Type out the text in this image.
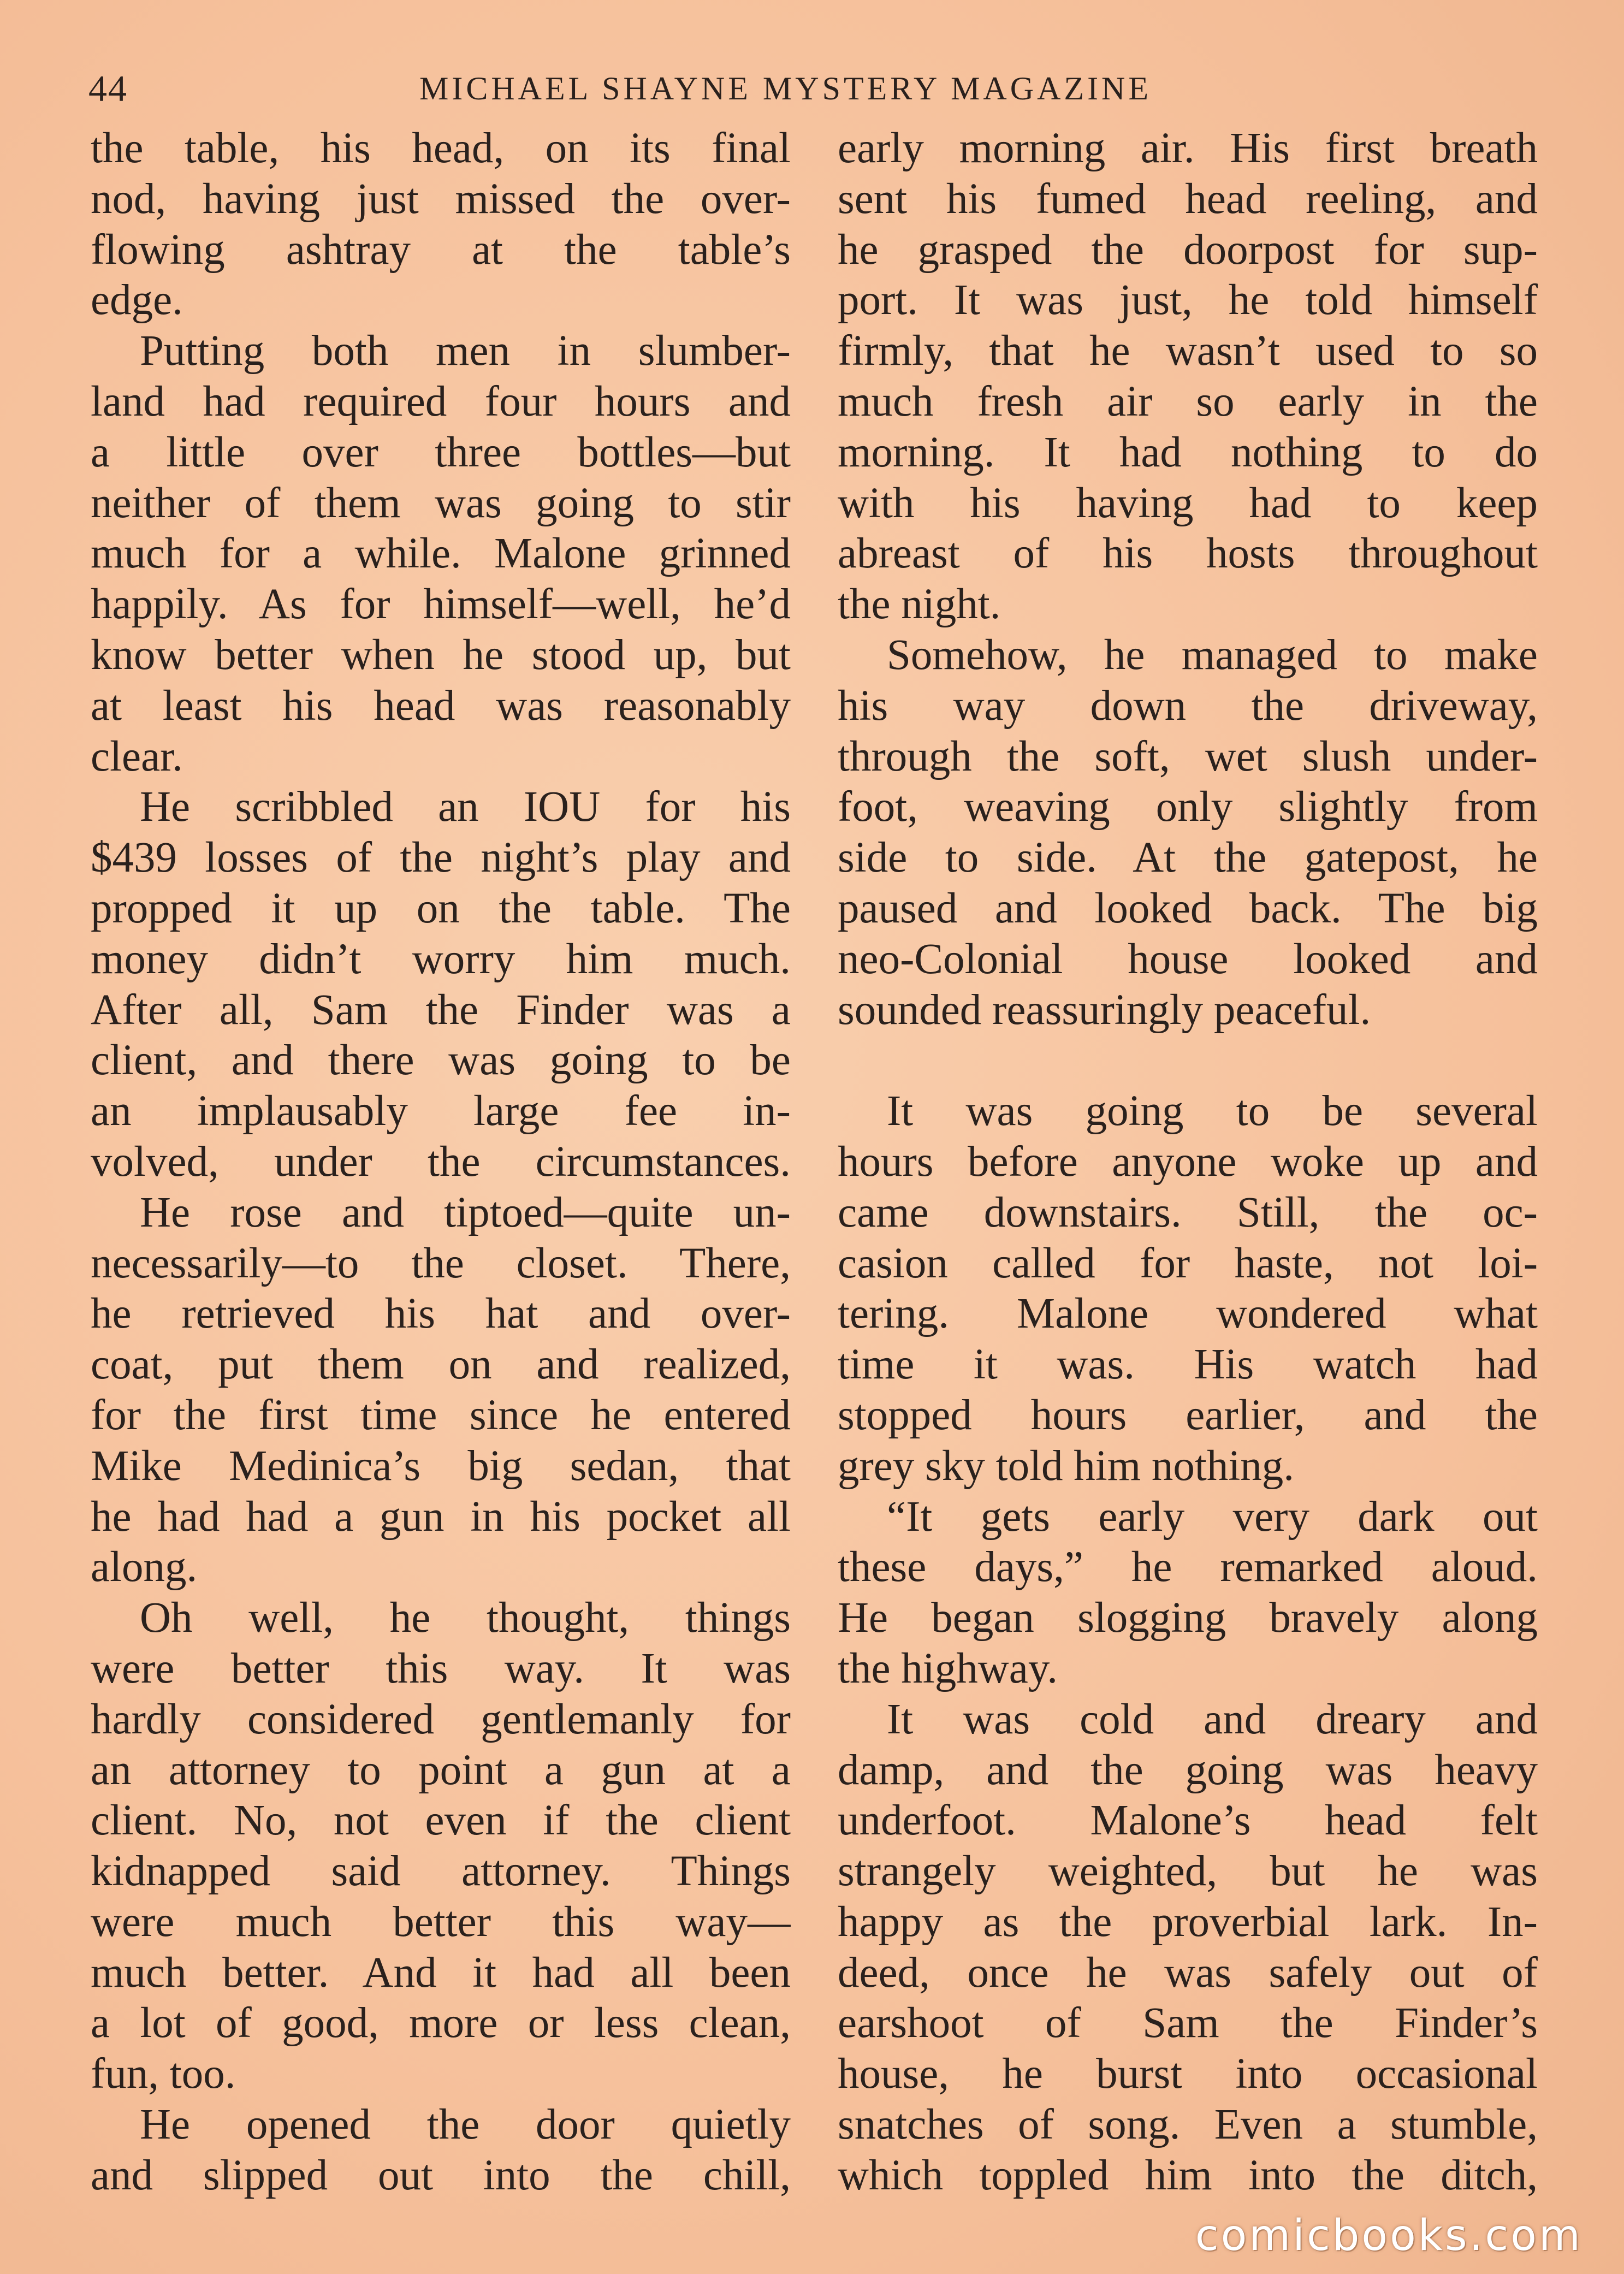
44	MICHAEL SHAYNE MYSTERY MAGAZINE
the table, his head, on its final
nod, having just missed the over-
flowing ashtray at the table’s
edge.
Putting both men in slumber-
land had required four hours and
a little over three bottles—but
neither of them was going to stir
much for a while. Malone grinned
happily. As for himself—well, he’d
know better when he stood up, but
at least his head was reasonably
clear.
He scribbled an IOU for his
$439 losses of the night’s play and
propped it up on the table. The
money didn’t worry him much.
After all, Sam the Finder was a
client, and there was going to be
an implausably large fee in-
volved, under the circumstances.
He rose and tiptoed—quite un-
necessarily—to the closet. There,
he retrieved his hat and over-
coat, put them on and realized,
for the first time since he entered
Mike Medinica’s big sedan, that
he had had a gun in his pocket all
along.
Oh well, he thought, things
were better this way. It was
hardly considered gentlemanly for
an attorney to point a gun at a
client. No, not even if the client
kidnapped said attorney. Things
were much better this way—
much better. And it had all been
a lot of good, more or less clean,
fun, too.
He opened the door quietly
and slipped out into the chill,
early morning air. His first breath
sent his fumed head reeling, and
he grasped the doorpost for sup-
port. It was just, he told himself
firmly, that he wasn’t used to so
much fresh air so early in the
morning. It had nothing to do
with his having had to keep
abreast of his hosts throughout
the night.
Somehow, he managed to make
his way down the driveway,
through the soft, wet slush under-
foot, weaving only slightly from
side to side. At the gatepost, he
paused and looked back. The big
neo-Colonial house looked and
sounded reassuringly peaceful.
It was going to be several
hours before anyone woke up and
came downstairs. Still, the oc-
casion called for haste, not loi-
tering. Malone wondered what
time it was. His watch had
stopped hours earlier, and the
grey sky told him nothing.
“It gets early very dark out
these days,” he remarked aloud.
He began slogging bravely along
the highway.
It was cold and dreary and
damp, and the going was heavy
underfoot. Malone’s head felt
strangely weighted, but he was
happy as the proverbial lark. In-
deed, once he was safely out of
earshoot of Sam the Finder’s
house, he burst into occasional
snatches of song. Even a stumble,
which toppled him into the ditch,
comicbooks.com
